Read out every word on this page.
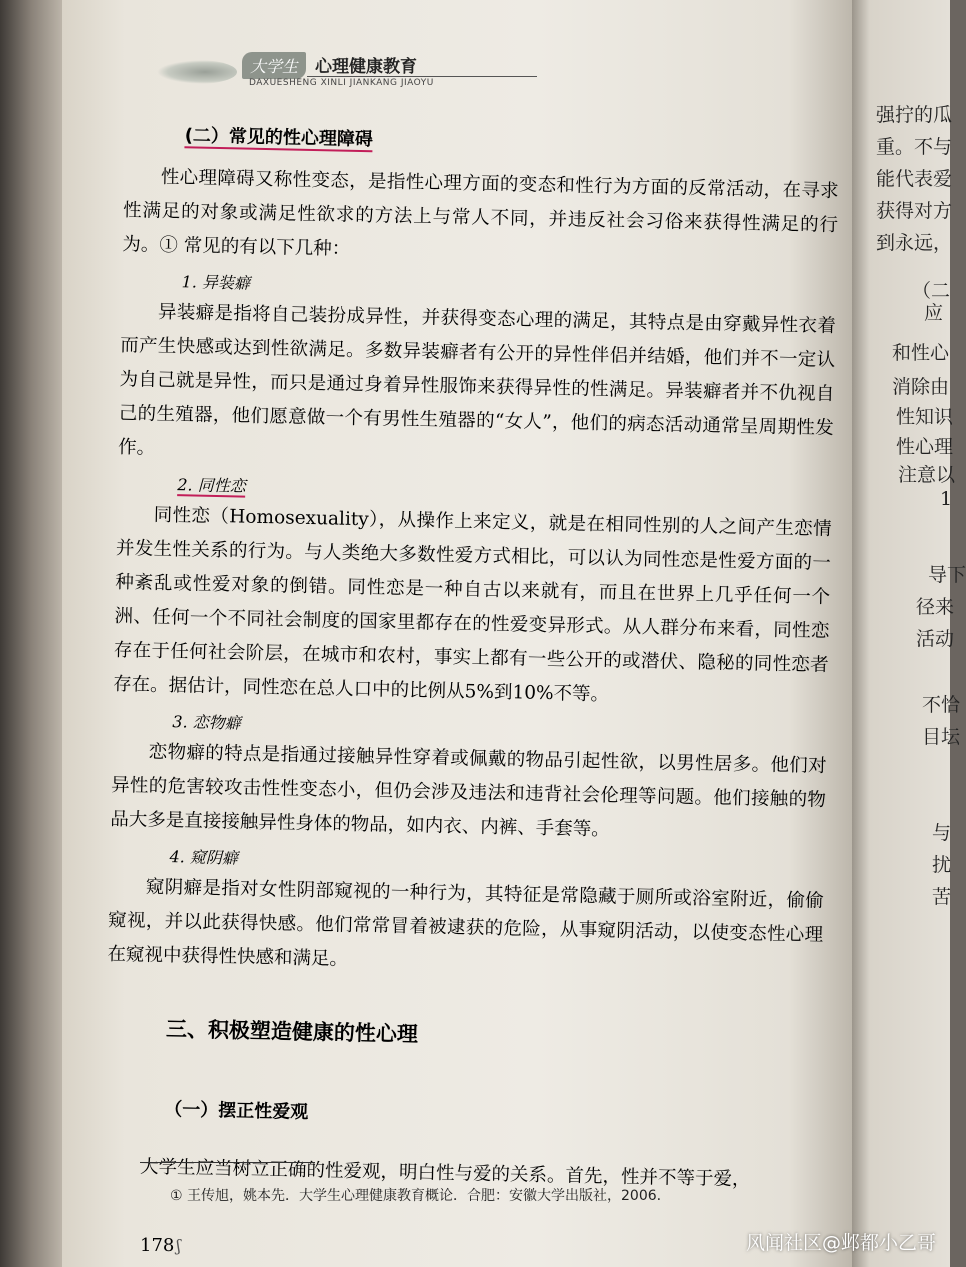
大学生 心理健康教育
DAXUESHENG XINLI JIANKANG JIAOYU
(二）常见的性心理障碍

性心理障碍又称性变态，是指性心理方面的变态和性行为方面的反常活动，在寻求性满足的对象或满足性欲求的方法上与常人不同，并违反社会习俗来获得性满足的行为。① 常见的有以下几种：

1. 异装癖

异装癖是指将自己装扮成异性，并获得变态心理的满足，其特点是由穿戴异性衣着而产生快感或达到性欲满足。多数异装癖者有公开的异性伴侣并结婚，他们并不一定认为自己就是异性，而只是通过身着异性服饰来获得异性的性满足。异装癖者并不仇视自己的生殖器，他们愿意做一个有男性生殖器的“女人”，他们的病态活动通常呈周期性发作。

2. 同性恋

同性恋（Homosexuality），从操作上来定义，就是在相同性别的人之间产生恋情并发生性关系的行为。与人类绝大多数性爱方式相比，可以认为同性恋是性爱方面的一种紊乱或性爱对象的倒错。同性恋是一种自古以来就有，而且在世界上几乎任何一个洲、任何一个不同社会制度的国家里都存在的性爱变异形式。从人群分布来看，同性恋存在于任何社会阶层，在城市和农村，事实上都有一些公开的或潜伏、隐秘的同性恋者存在。据估计，同性恋在总人口中的比例从5%到10%不等。

3. 恋物癖

恋物癖的特点是指通过接触异性穿着或佩戴的物品引起性欲，以男性居多。他们对异性的危害较攻击性性变态小，但仍会涉及违法和违背社会伦理等问题。他们接触的物品大多是直接接触异性身体的物品，如内衣、内裤、手套等。

4. 窥阴癖

窥阴癖是指对女性阴部窥视的一种行为，其特征是常隐藏于厕所或浴室附近，偷偷窥视，并以此获得快感。他们常常冒着被逮获的危险，从事窥阴活动，以使变态性心理在窥视中获得性快感和满足。

三、积极塑造健康的性心理
（一）摆正性爱观

大学生应当树立正确的性爱观，明白性与爱的关系。首先，性并不等于爱，

① 王传旭，姚本先．大学生心理健康教育概论．合肥：安徽大学出版社，2006.
178 ʃ
强拧的瓜
重。不与
能代表爱
获得对方
到永远，
（二
应
和性心
消除由
性知识
性心理
注意以
1
导下
径来
活动
不恰
目坛
与
扰
苦
风闻社区@邺都小乙哥
